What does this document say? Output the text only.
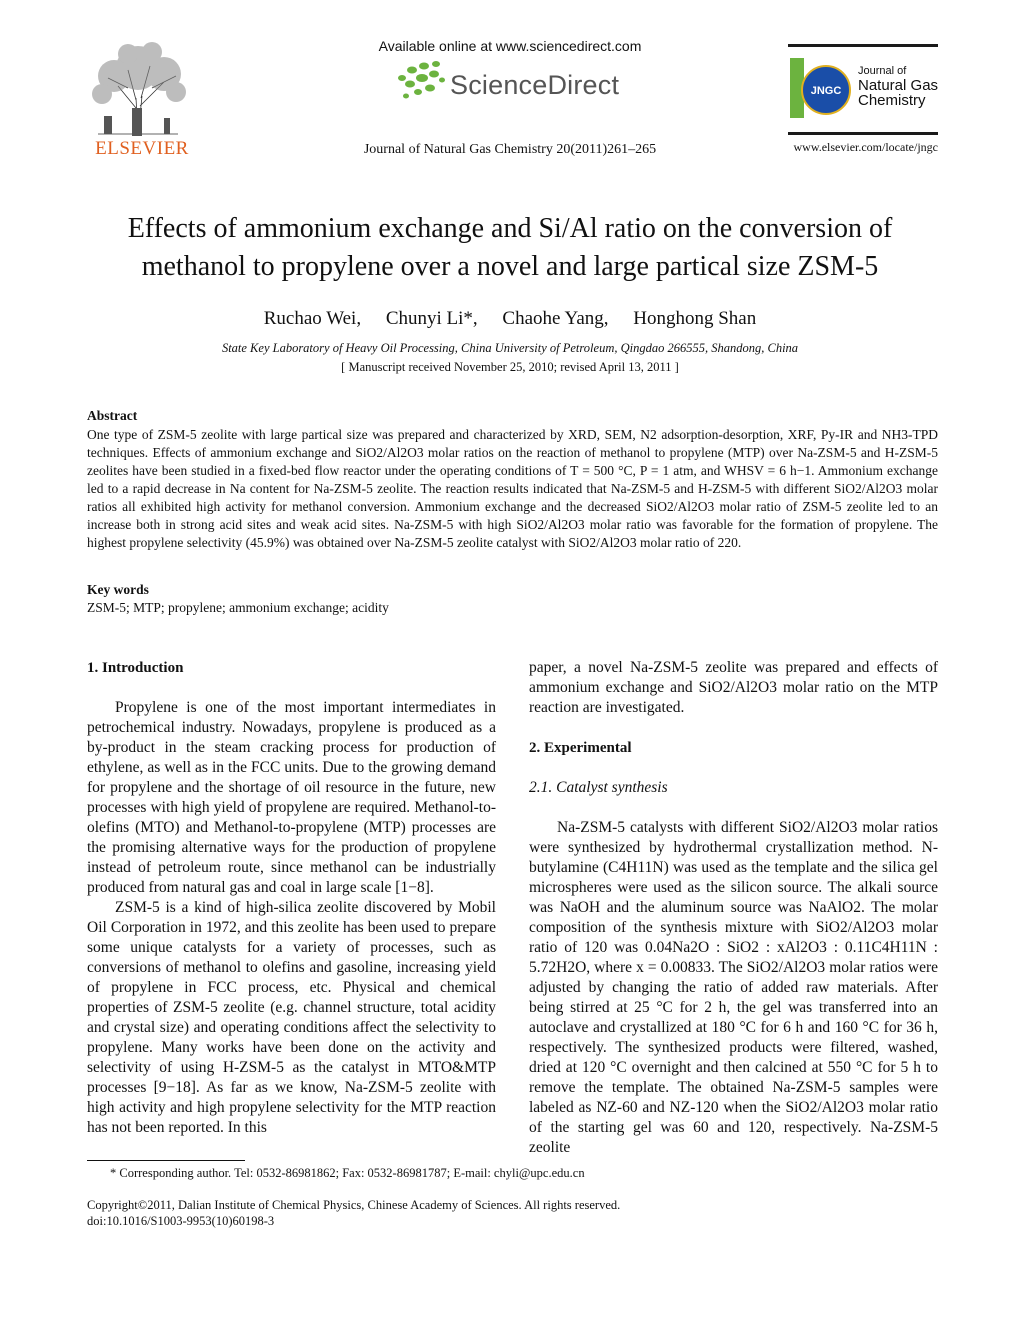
ELSEVIER
Available online at www.sciencedirect.com
ScienceDirect
Journal of Natural Gas Chemistry 20(2011)261–265
JNGC
Journal of
Natural Gas
Chemistry
www.elsevier.com/locate/jngc
Effects of ammonium exchange and Si/Al ratio on the conversion of
methanol to propylene over a novel and large partical size ZSM-5
Ruchao Wei, Chunyi Li*, Chaohe Yang, Honghong Shan
State Key Laboratory of Heavy Oil Processing, China University of Petroleum, Qingdao 266555, Shandong, China
[ Manuscript received November 25, 2010; revised April 13, 2011 ]
Abstract
One type of ZSM-5 zeolite with large partical size was prepared and characterized by XRD, SEM, N2 adsorption-desorption, XRF, Py-IR and NH3-TPD techniques. Effects of ammonium exchange and SiO2/Al2O3 molar ratios on the reaction of methanol to propylene (MTP) over Na-ZSM-5 and H-ZSM-5 zeolites have been studied in a fixed-bed flow reactor under the operating conditions of T = 500 °C, P = 1 atm, and WHSV = 6 h−1. Ammonium exchange led to a rapid decrease in Na content for Na-ZSM-5 zeolite. The reaction results indicated that Na-ZSM-5 and H-ZSM-5 with different SiO2/Al2O3 molar ratios all exhibited high activity for methanol conversion. Ammonium exchange and the decreased SiO2/Al2O3 molar ratio of ZSM-5 zeolite led to an increase both in strong acid sites and weak acid sites. Na-ZSM-5 with high SiO2/Al2O3 molar ratio was favorable for the formation of propylene. The highest propylene selectivity (45.9%) was obtained over Na-ZSM-5 zeolite catalyst with SiO2/Al2O3 molar ratio of 220.
Key words
ZSM-5; MTP; propylene; ammonium exchange; acidity

1. Introduction

Propylene is one of the most important intermediates in petrochemical industry. Nowadays, propylene is produced as a by-product in the steam cracking process for production of ethylene, as well as in the FCC units. Due to the growing demand for propylene and the shortage of oil resource in the future, new processes with high yield of propylene are required. Methanol-to-olefins (MTO) and Methanol-to-propylene (MTP) processes are the promising alternative ways for the production of propylene instead of petroleum route, since methanol can be industrially produced from natural gas and coal in large scale [1−8].

ZSM-5 is a kind of high-silica zeolite discovered by Mobil Oil Corporation in 1972, and this zeolite has been used to prepare some unique catalysts for a variety of processes, such as conversions of methanol to olefins and gasoline, increasing yield of propylene in FCC process, etc. Physical and chemical properties of ZSM-5 zeolite (e.g. channel structure, total acidity and crystal size) and operating conditions affect the selectivity to propylene. Many works have been done on the activity and selectivity of using H-ZSM-5 as the catalyst in MTO&MTP processes [9−18]. As far as we know, Na-ZSM-5 zeolite with high activity and high propylene selectivity for the MTP reaction has not been reported. In this

paper, a novel Na-ZSM-5 zeolite was prepared and effects of ammonium exchange and SiO2/Al2O3 molar ratio on the MTP reaction are investigated.

2. Experimental

2.1. Catalyst synthesis

Na-ZSM-5 catalysts with different SiO2/Al2O3 molar ratios were synthesized by hydrothermal crystallization method. N-butylamine (C4H11N) was used as the template and the silica gel microspheres were used as the silicon source. The alkali source was NaOH and the aluminum source was NaAlO2. The molar composition of the synthesis mixture with SiO2/Al2O3 molar ratio of 120 was 0.04Na2O : SiO2 : xAl2O3 : 0.11C4H11N : 5.72H2O, where x = 0.00833. The SiO2/Al2O3 molar ratios were adjusted by changing the ratio of added raw materials. After being stirred at 25 °C for 2 h, the gel was transferred into an autoclave and crystallized at 180 °C for 6 h and 160 °C for 36 h, respectively. The synthesized products were filtered, washed, dried at 120 °C overnight and then calcined at 550 °C for 5 h to remove the template. The obtained Na-ZSM-5 samples were labeled as NZ-60 and NZ-120 when the SiO2/Al2O3 molar ratio of the starting gel was 60 and 120, respectively. Na-ZSM-5 zeolite

* Corresponding author. Tel: 0532-86981862; Fax: 0532-86981787; E-mail: chyli@upc.edu.cn
Copyright©2011, Dalian Institute of Chemical Physics, Chinese Academy of Sciences. All rights reserved.
doi:10.1016/S1003-9953(10)60198-3
